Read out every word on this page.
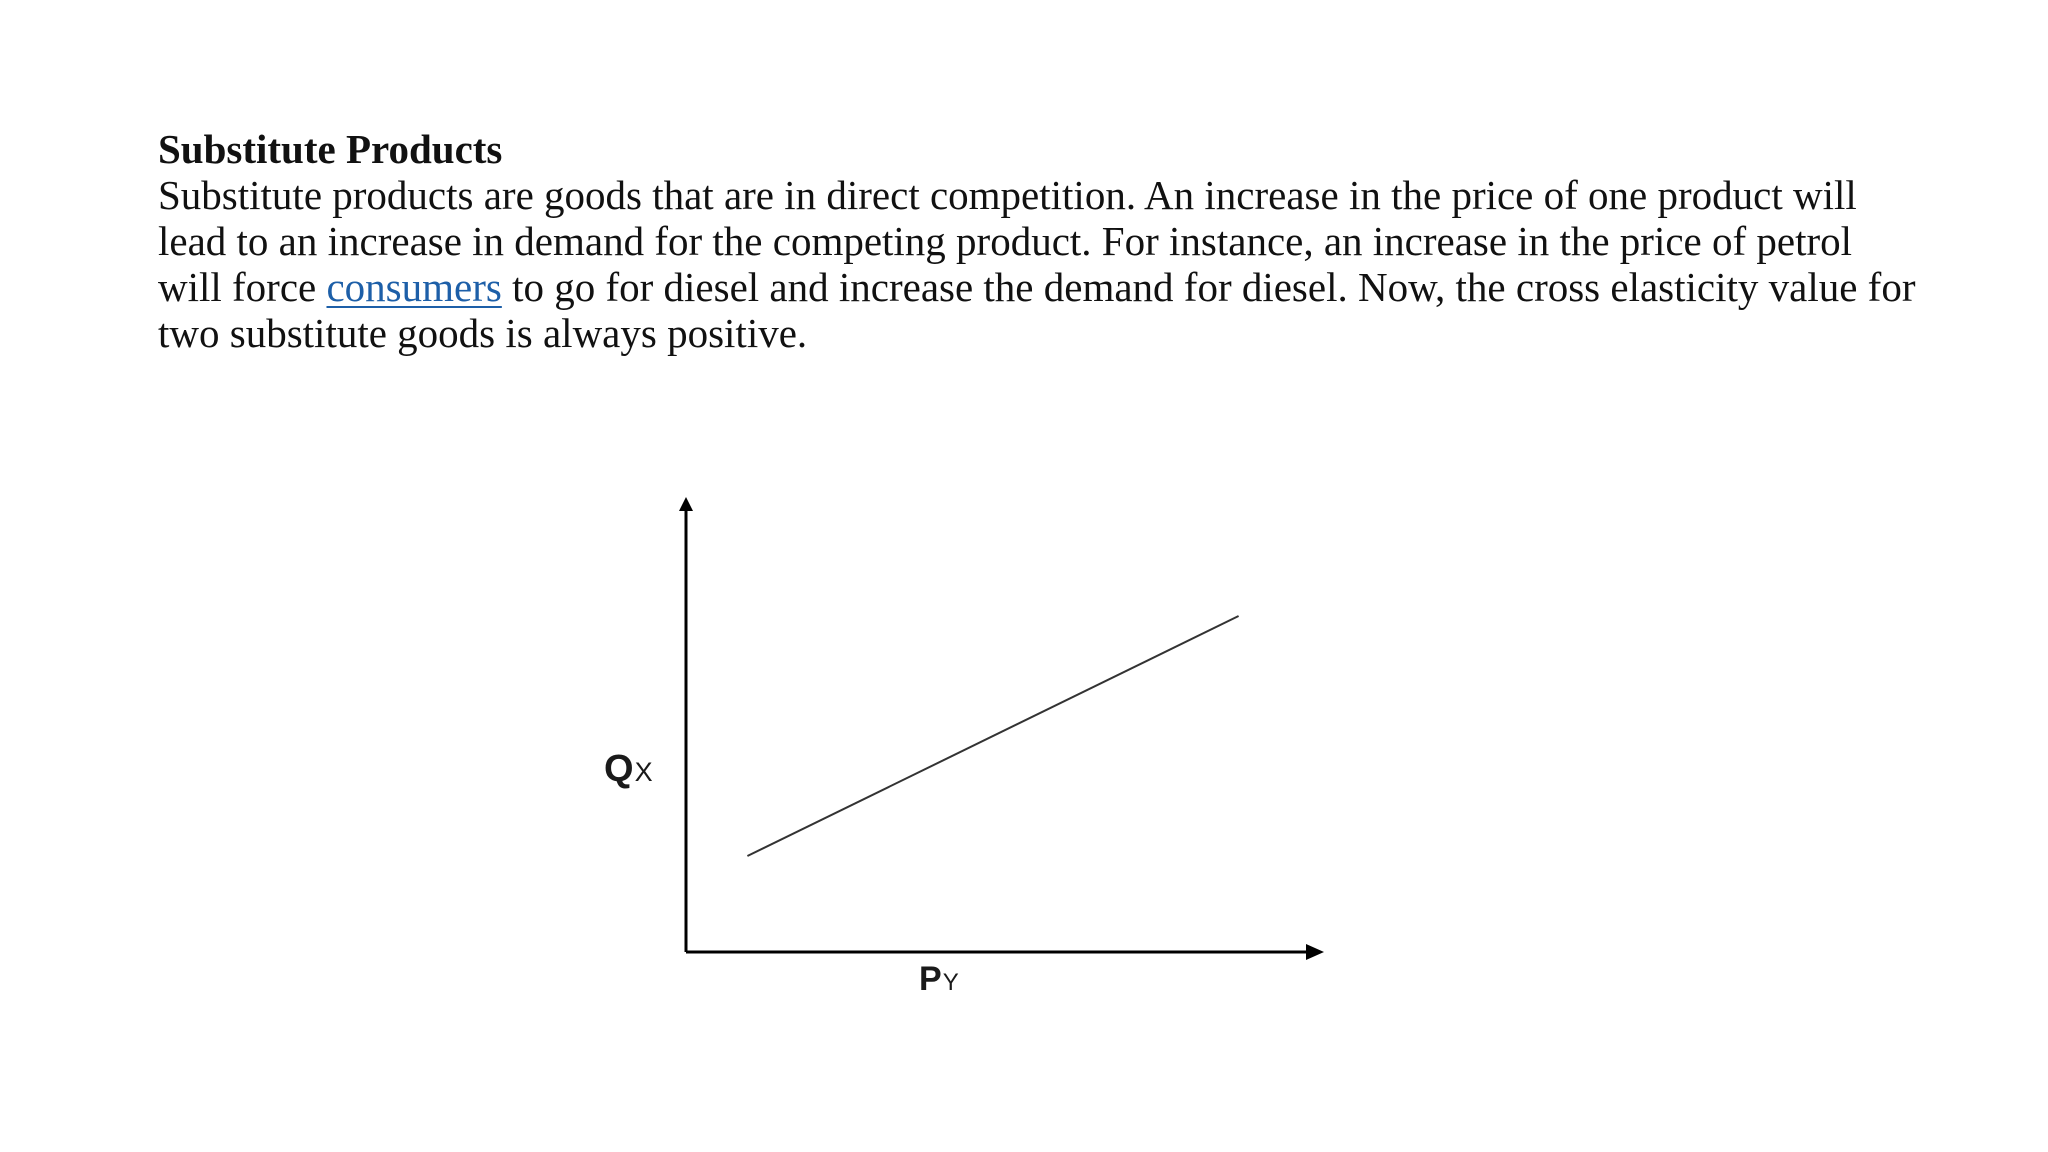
Substitute Products

Substitute products are goods that are in direct competition. An increase in the price of one product will lead to an increase in demand for the competing product. For instance, an increase in the price of petrol will force consumers to go for diesel and increase the demand for diesel. Now, the cross elasticity value for two substitute goods is always positive.

QX
PY
